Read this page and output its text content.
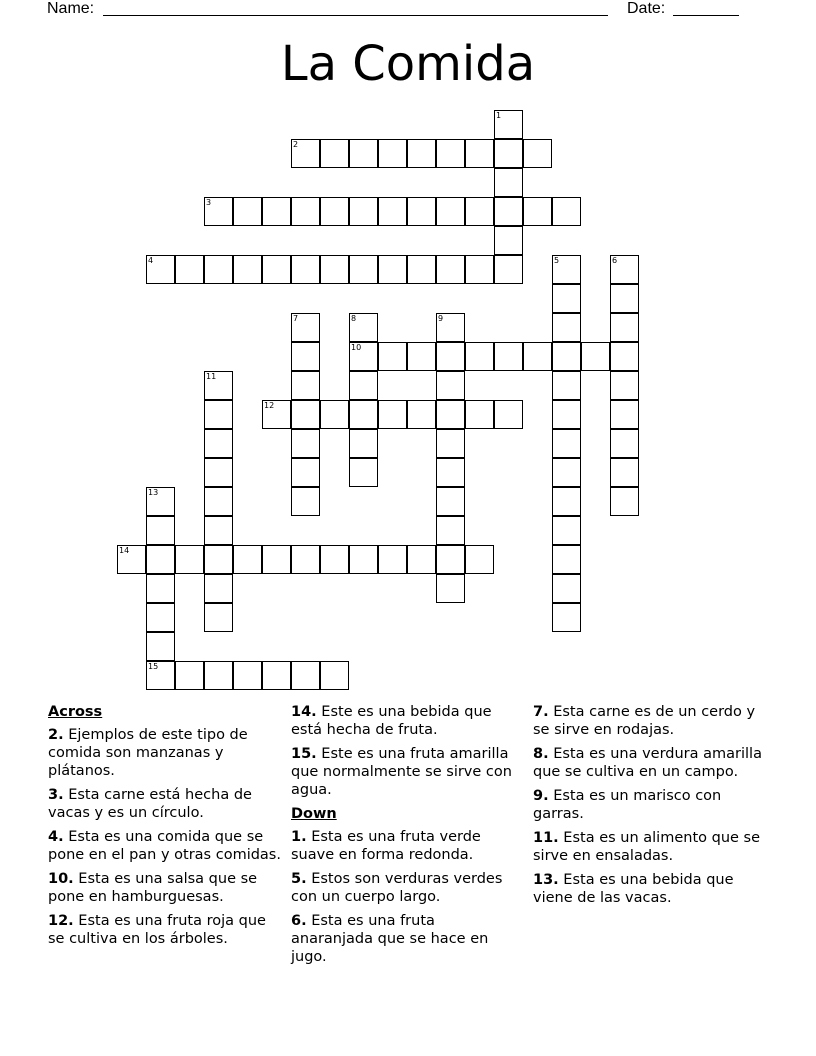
Name:	Date:
La Comida
1
2
3
4	5	6
7	8
10
9
11
12
13
15
14
Across
2. Ejemplos de este tipo de comida son manzanas y plátanos.
3. Esta carne está hecha de vacas y es un círculo.
4. Esta es una comida que se pone en el pan y otras comidas.
10. Esta es una salsa que se pone en hamburguesas.
12. Esta es una fruta roja que se cultiva en los árboles.
14. Este es una bebida que está hecha de fruta.
15. Este es una fruta amarilla que normalmente se sirve con agua.
Down
1. Esta es una fruta verde suave en forma redonda.
5. Estos son verduras verdes con un cuerpo largo.
6. Esta es una fruta anaranjada que se hace en jugo.
7. Esta carne es de un cerdo y se sirve en rodajas.
8. Esta es una verdura amarilla que se cultiva en un campo.
9. Esta es un marisco con garras.
11. Esta es un alimento que se sirve en ensaladas.
13. Esta es una bebida que viene de las vacas.
